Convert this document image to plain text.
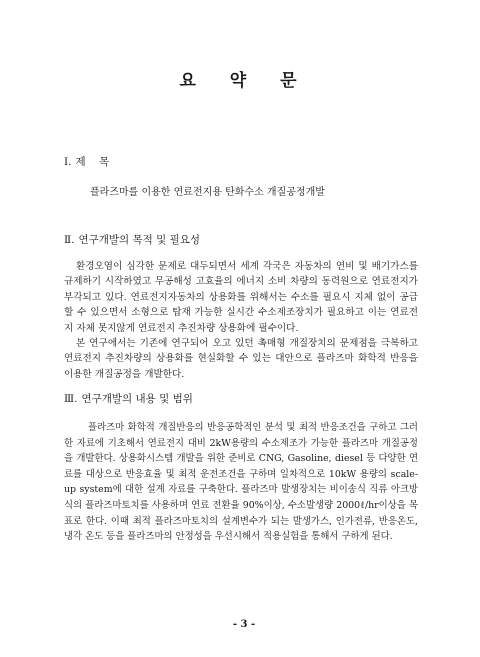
요 약 문
Ⅰ. 제    목
플라즈마를 이용한 연료전지용 탄화수소 개질공정개발
Ⅱ. 연구개발의 목적 및 필요성

환경오염이 심각한 문제로 대두되면서 세계 각국은 자동차의 연비 및 배기가스를 규제하기 시작하였고 무공해성 고효율의 에너지 소비 차량의 동력원으로 연료전지가 부각되고 있다. 연료전지자동차의 상용화를 위해서는 수소를 필요시 지체 없이 공급할 수 있으면서 소형으로 탑재 가능한 실시간 수소제조장치가 필요하고 이는 연료전지 자체 못지않게 연료전지 추진차량 상용화에 필수이다.

본 연구에서는 기존에 연구되어 오고 있던 촉매형 개질장치의 문제점을 극복하고 연료전지 추진차량의 상용화를 현실화할 수 있는 대안으로 플라즈마 화학적 반응을 이용한 개질공정을 개발한다.

Ⅲ. 연구개발의 내용 및 범위

플라즈마 화학적 개질반응의 반응공학적인 분석 및 최적 반응조건을 구하고 그러한 자료에 기초해서 연료전지 대비 2kW용량의 수소제조가 가능한 플라즈마 개질공정을 개발한다. 상용화시스템 개발을 위한 준비로 CNG, Gasoline, diesel 등 다양한 연료를 대상으로 반응효율 및 최적 운전조건을 구하며 일차적으로 10kW 용량의 scale-up system에 대한 설계 자료를 구축한다. 플라즈마 발생장치는 비이송식 직류 아크방식의 플라즈마토치를 사용하며 연료 전환율 90%이상, 수소발생량 2000ℓ/hr이상을 목표로 한다. 이때 최적 플라즈마토치의 설계변수가 되는 발생가스, 인가전류, 반응온도, 냉각 온도 등을 플라즈마의 안정성을 우선시해서 적용실험을 통해서 구하게 된다.

- 3 -
